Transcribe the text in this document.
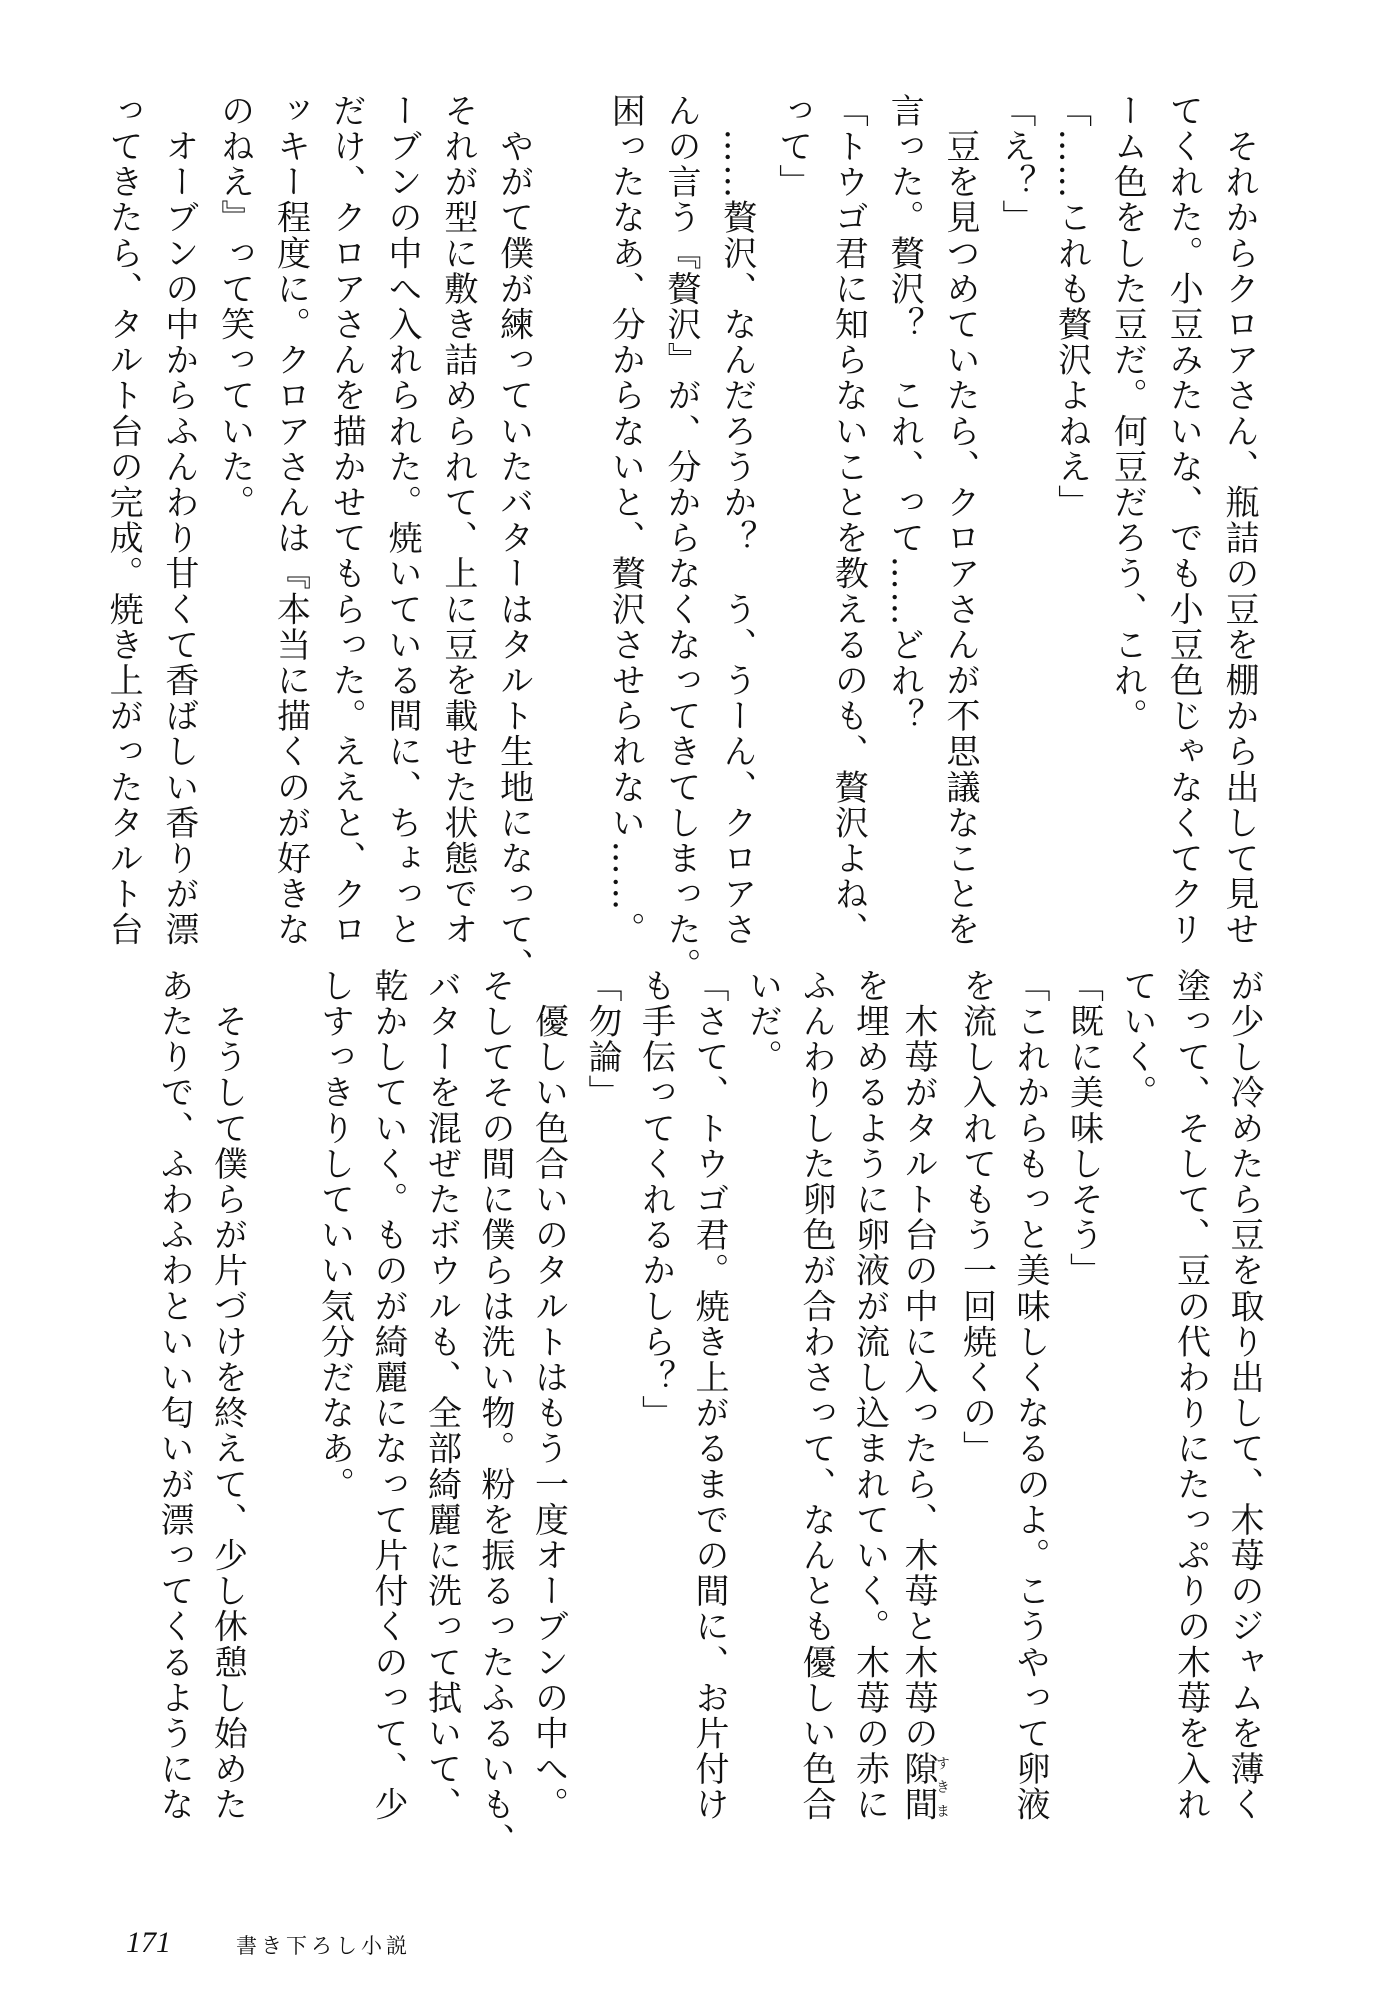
　それからクロアさん、瓶詰の豆を棚から出して見せ
てくれた。小豆みたいな、でも小豆色じゃなくてクリ
ーム色をした豆だ。何豆だろう、これ。
「……これも贅沢よねえ」
「え？」
　豆を見つめていたら、クロアさんが不思議なことを
言った。贅沢？　これ、って……どれ？
「トウゴ君に知らないことを教えるのも、贅沢よね、
って」
　……贅沢、なんだろうか？　う、うーん、クロアさ
んの言う『贅沢』が、分からなくなってきてしまった。
困ったなあ、分からないと、贅沢させられない……。

　やがて僕が練っていたバターはタルト生地になって、
それが型に敷き詰められて、上に豆を載せた状態でオ
ーブンの中へ入れられた。焼いている間に、ちょっと
だけ、クロアさんを描かせてもらった。ええと、クロ
ッキー程度に。クロアさんは『本当に描くのが好きな
のねえ』って笑っていた。
　オーブンの中からふんわり甘くて香ばしい香りが漂
ってきたら、タルト台の完成。焼き上がったタルト台
が少し冷めたら豆を取り出して、木苺のジャムを薄く
塗って、そして、豆の代わりにたっぷりの木苺を入れ
ていく。
「既に美味しそう」
「これからもっと美味しくなるのよ。こうやって卵液
を流し入れてもう一回焼くの」
　木苺がタルト台の中に入ったら、木苺と木苺の隙間すきま
を埋めるように卵液が流し込まれていく。木苺の赤に
ふんわりした卵色が合わさって、なんとも優しい色合
いだ。
「さて、トウゴ君。焼き上がるまでの間に、お片付け
も手伝ってくれるかしら？」
「勿論」
　優しい色合いのタルトはもう一度オーブンの中へ。
そしてその間に僕らは洗い物。粉を振るったふるいも、
バターを混ぜたボウルも、全部綺麗に洗って拭いて、
乾かしていく。ものが綺麗になって片付くのって、少
しすっきりしていい気分だなあ。

　そうして僕らが片づけを終えて、少し休憩し始めた
あたりで、ふわふわといい匂いが漂ってくるようにな
171	書き下ろし小説
